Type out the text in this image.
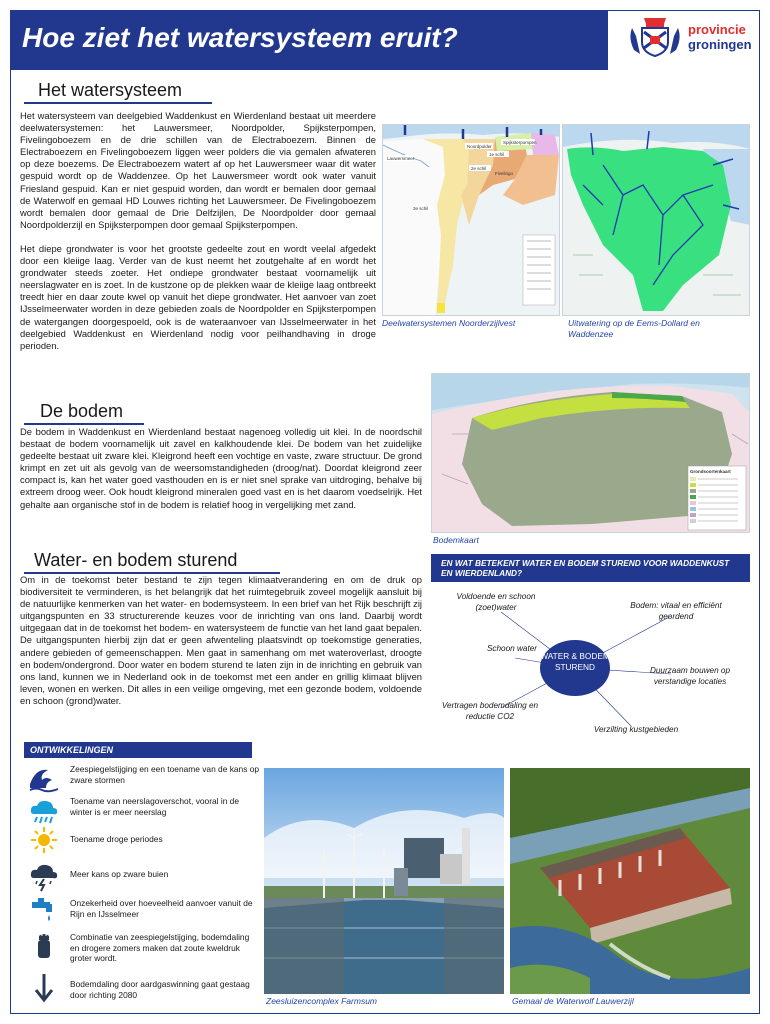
Hoe ziet het watersysteem eruit?	provincie
groningen
Het watersysteem

Het watersysteem van deelgebied Waddenkust en Wierdenland bestaat uit meerdere deelwatersystemen: het Lauwersmeer, Noordpolder, Spijksterpompen, Fivelingoboezem en de drie schillen van de Electraboezem. Binnen de Electraboezem en Fivelingoboezem liggen weer polders die via gemalen afwateren op deze boezems. De Electraboezem watert af op het Lauwersmeer waar dit water gespuid wordt op de Waddenzee. Op het Lauwersmeer wordt ook water vanuit Friesland gespuid. Kan er niet gespuid worden, dan wordt er bemalen door gemaal de Waterwolf en gemaal HD Louwes richting het Lauwersmeer. De Fivelingoboezem wordt bemalen door gemaal de Drie Delfzijlen, De Noordpolder door gemaal Noordpolderzijl en Spijksterpompen door gemaal Spijksterpompen.

Het diepe grondwater is voor het grootste gedeelte zout en wordt veelal afgedekt door een kleiige laag. Verder van de kust neemt het zoutgehalte af en wordt het grondwater steeds zoeter. Het ondiepe grondwater bestaat voornamelijk uit neerslagwater en is zoet. In de kustzone op de plekken waar de kleiige laag ontbreekt treedt hier en daar zoute kwel op vanuit het diepe grondwater. Het aanvoer van zoet IJsselmeerwater worden in deze gebieden zoals de Noordpolder en Spijksterpompen de watergangen doorgespoeld, ook is de wateraanvoer van IJsselmeerwater in het deelgebied Waddenkust en Wierdenland nodig voor peilhandhaving in droge perioden.

Noordpolder
Spijksterpompen
3e schil
2e schil
1e schil
Fivelingo
Lauwersmeer
Deelwatersystemen Noorderzijlvest	Uitwatering op de Eems-Dollard en Waddenzee
Grondsoortenkaart
Bodemkaart
De bodem
De bodem in Waddenkust en Wierdenland bestaat nagenoeg volledig uit klei. In de noordschil bestaat de bodem voornamelijk uit zavel en kalkhoudende klei. De bodem van het zuidelijke gedeelte bestaat uit zware klei. Kleigrond heeft een vochtige en vaste, zware structuur. De grond krimpt en zet uit als gevolg van de weersomstandigheden (droog/nat). Doordat kleigrond zeer compact is, kan het water goed vasthouden en is er niet snel sprake van uitdroging, behalve bij extreem droog weer. Ook houdt kleigrond mineralen goed vast en is het daarom voedselrijk. Het gehalte aan organische stof in de bodem is relatief hoog in vergelijking met zand.
Water- en bodem sturend
Om in de toekomst beter bestand te zijn tegen klimaatverandering en om de druk op biodiversiteit te verminderen, is het belangrijk dat het ruimtegebruik zoveel mogelijk aansluit bij de natuurlijke kenmerken van het water- en bodemsysteem. In een brief van het Rijk beschrijft zij uitgangspunten en 33 structurerende keuzes voor de inrichting van ons land. Daarbij wordt uitgegaan dat in de toekomst het bodem- en watersysteem de functie van het land gaat bepalen. De uitgangspunten hierbij zijn dat er geen afwenteling plaatsvindt op toekomstige generaties, andere gebieden of gemeenschappen. Men gaat in samenhang om met wateroverlast, droogte en bodem/ondergrond. Door water en bodem sturend te laten zijn in de inrichting en gebruik van ons land, kunnen we in Nederland ook in de toekomst met een ander en grillig klimaat blijven leven, wonen en werken. Dit alles in een veilige omgeving, met een gezonde bodem, voldoende en schoon (grond)water.
EN WAT BETEKENT WATER EN BODEM STUREND VOOR WADDENKUST EN WIERDENLAND?
Voldoende en schoon (zoet)water	Bodem: vitaal en efficiënt geordend
Schoon water
WATER & BODEM STUREND	Duurzaam bouwen op verstandige locaties
Vertragen bodemdaling en reductie CO2
Verzilting kustgebieden
ONTWIKKELINGEN
Zeespiegelstijging en een toename van de kans op zware stormen
Toename van neerslagoverschot, vooral in de winter is er meer neerslag
Toename droge periodes
Meer kans op zware buien
Onzekerheid over hoeveelheid aanvoer vanuit de Rijn en IJsselmeer
Combinatie van zeespiegelstijging, bodemdaling en drogere zomers maken dat zoute kweldruk groter wordt.
Bodemdaling door aardgaswinning gaat gestaag door richting 2080
Zeesluizencomplex Farmsum	Gemaal de Waterwolf Lauwerzijl
